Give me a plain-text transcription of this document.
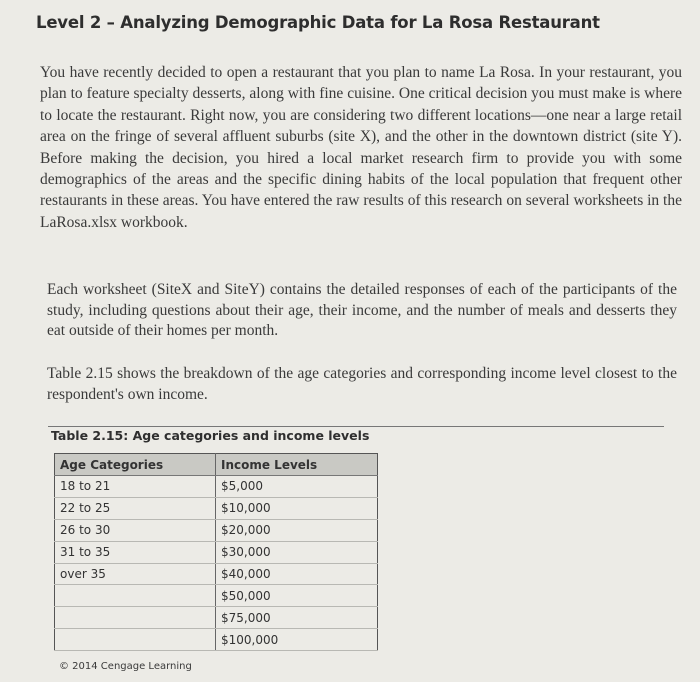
Level 2 – Analyzing Demographic Data for La Rosa Restaurant

You have recently decided to open a restaurant that you plan to name La Rosa. In your restaurant, you plan to feature specialty desserts, along with fine cuisine. One critical decision you must make is where to locate the restaurant. Right now, you are considering two different locations—one near a large retail area on the fringe of several affluent suburbs (site X), and the other in the downtown district (site Y). Before making the decision, you hired a local market research firm to provide you with some demographics of the areas and the specific dining habits of the local population that frequent other restaurants in these areas. You have entered the raw results of this research on several worksheets in the LaRosa.xlsx workbook.

Each worksheet (SiteX and SiteY) contains the detailed responses of each of the participants of the study, including questions about their age, their income, and the number of meals and desserts they eat outside of their homes per month.

Table 2.15 shows the breakdown of the age categories and corresponding income level closest to the respondent's own income.

Table 2.15: Age categories and income levels
Age Categories	Income Levels
18 to 21	$5,000
22 to 25	$10,000
26 to 30	$20,000
31 to 35	$30,000
over 35	$40,000
	$50,000
	$75,000
	$100,000
© 2014 Cengage Learning
